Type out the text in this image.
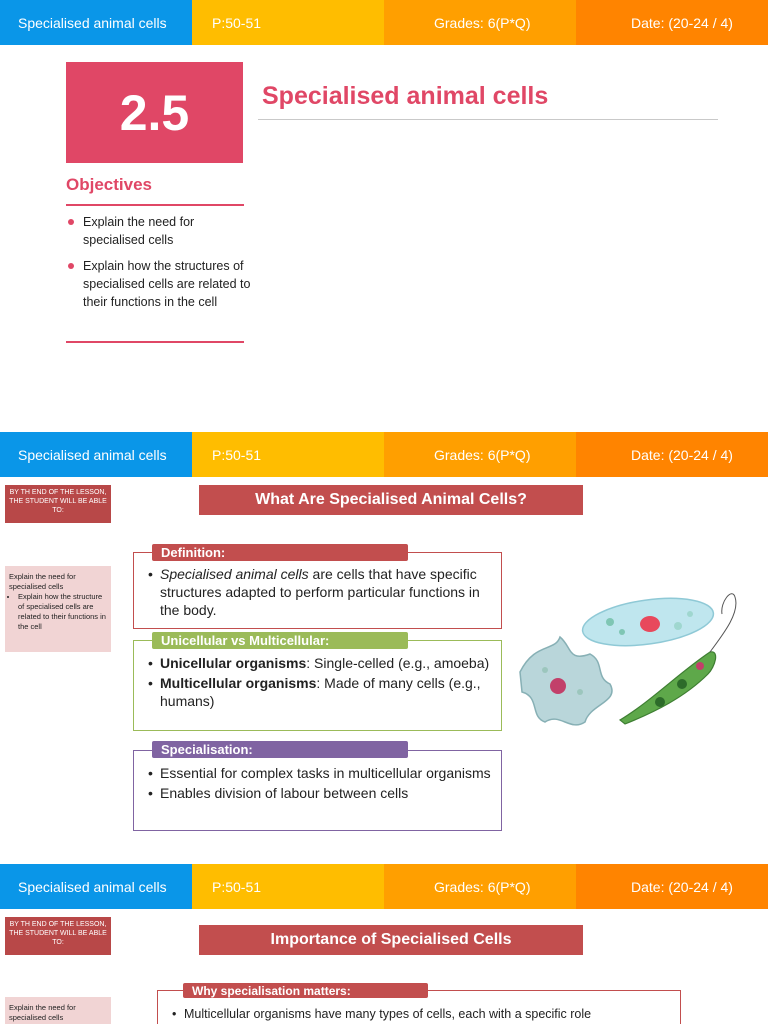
Specialised animal cells	P:50-51	Grades: 6(P*Q)	Date: (20-24 / 4)
2.5	Specialised animal cells
Objectives
Explain the need for specialised cells
Explain how the structures of specialised cells are related to their functions in the cell
Specialised animal cells	P:50-51	Grades: 6(P*Q)	Date: (20-24 / 4)
BY TH END OF THE LESSON, THE STUDENT WILL BE ABLE TO:
Explain the need for specialised cells
• Explain how the structure of specialised cells are related to their functions in the cell
What Are Specialised Animal Cells?
• Specialised animal cells are cells that have specific structures adapted to perform particular functions in the body.
Definition:
• Unicellular organisms: Single-celled (e.g., amoeba)
• Multicellular organisms: Made of many cells (e.g., humans)
Unicellular vs Multicellular:
• Essential for complex tasks in multicellular organisms
• Enables division of labour between cells
Specialisation:
Specialised animal cells	P:50-51	Grades: 6(P*Q)	Date: (20-24 / 4)
BY TH END OF THE LESSON, THE STUDENT WILL BE ABLE TO:
Explain the need for specialised cells
Importance of Specialised Cells
• Multicellular organisms have many types of cells, each with a specific role
Why specialisation matters:
